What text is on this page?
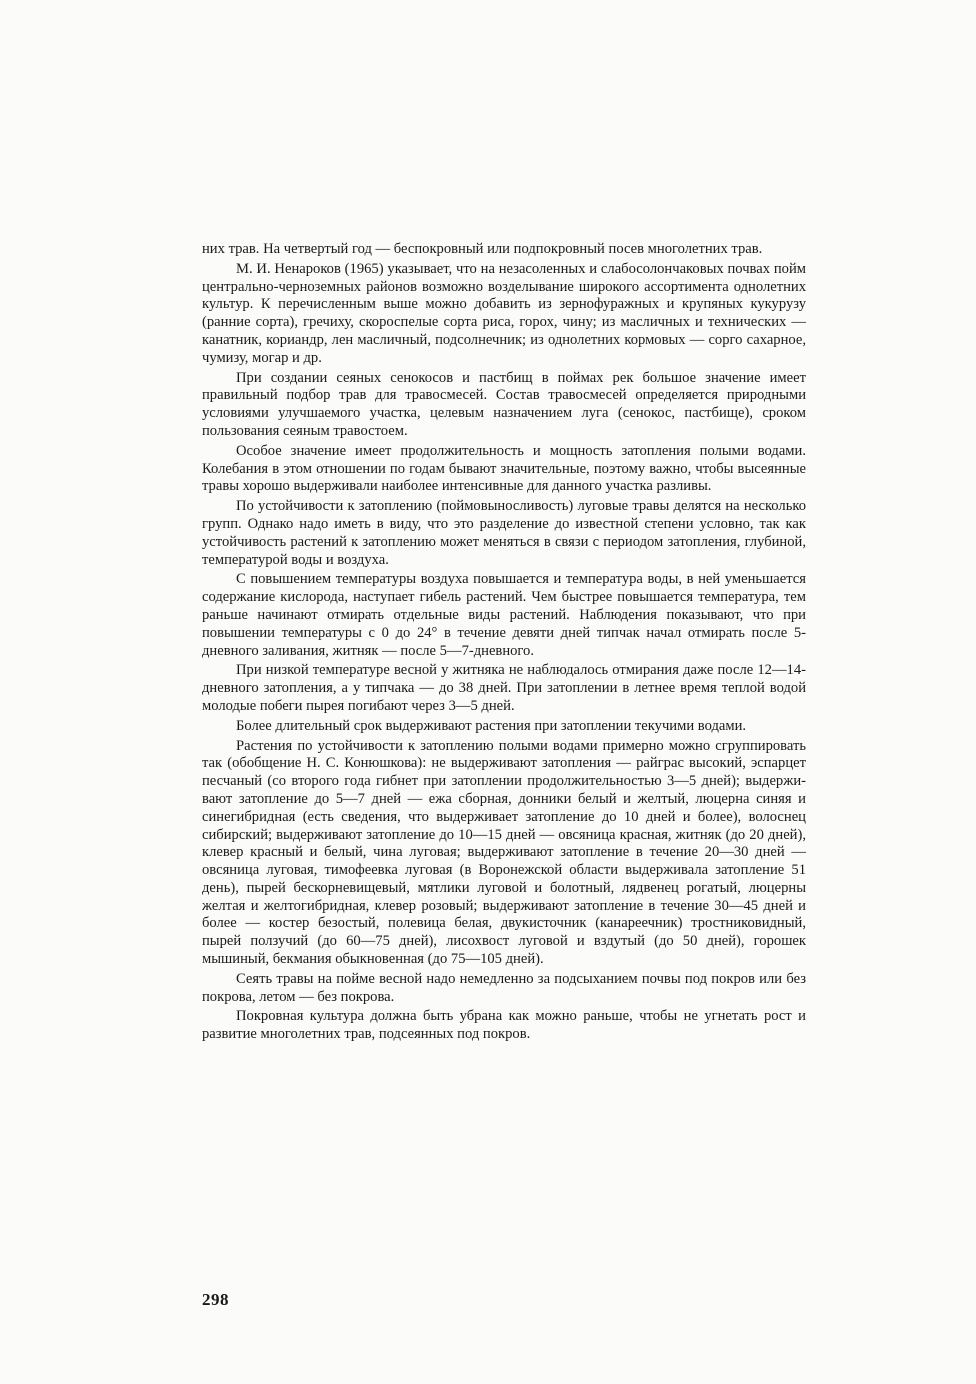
них трав. На четвертый год — беспокровный или подпокровный посев многолетних трав.

М. И. Ненароков (1965) указывает, что на незасоленных и слабосолончаковых почвах пойм центрально-черноземных районов возможно возделывание широкого ассортимента однолетних культур. К перечисленным выше можно добавить из зернофуражных и крупяных кукурузу (ранние сорта), гречиху, скороспелые сорта риса, горох, чину; из масличных и технических — канатник, кориандр, лен масличный, подсолнечник; из однолетних кормовых — сорго сахарное, чумизу, могар и др.

При создании сеяных сенокосов и пастбищ в поймах рек большое значение имеет правильный подбор трав для травосмесей. Состав травосмесей определяется природными условиями улучшаемого участка, целевым назначением луга (сенокос, пастбище), сроком пользования сеяным травостоем.

Особое значение имеет продолжительность и мощность затопления полыми водами. Колебания в этом отношении по годам бывают значительные, поэтому важно, чтобы высеянные травы хорошо выдерживали наиболее интенсивные для данного участка разливы.

По устойчивости к затоплению (поймовыносливость) луговые травы делятся на несколько групп. Однако надо иметь в виду, что это разделение до известной степени условно, так как устойчивость растений к затоплению может меняться в связи с периодом затопления, глубиной, температурой воды и воздуха.

С повышением температуры воздуха повышается и температура воды, в ней уменьшается содержание кислорода, наступает гибель растений. Чем быстрее повышается температура, тем раньше начинают отмирать отдельные виды растений. Наблюдения показывают, что при повышении температуры с 0 до 24° в течение девяти дней типчак начал отмирать после 5-дневного заливания, житняк — после 5—7-дневного.

При низкой температуре весной у житняка не наблюдалось отмирания даже после 12—14-дневного затопления, а у типчака — до 38 дней. При затоплении в летнее время теплой водой молодые побеги пырея погибают через 3—5 дней.

Более длительный срок выдерживают растения при затоплении текучими водами.

Растения по устойчивости к затоплению полыми водами примерно можно сгруппировать так (обобщение Н. С. Конюшкова): не выдерживают затопления — райграс высокий, эспарцет песчаный (со второго года гибнет при затоплении продолжительностью 3—5 дней); выдерживают затопление до 5—7 дней — ежа сборная, донники белый и желтый, люцерна синяя и синегибридная (есть сведения, что выдерживает затопление до 10 дней и более), волоснец сибирский; выдерживают затопление до 10—15 дней — овсяница красная, житняк (до 20 дней), клевер красный и белый, чина луговая; выдерживают затопление в течение 20—30 дней — овсяница луговая, тимофеевка луговая (в Воронежской области выдерживала затопление 51 день), пырей бескорневищевый, мятлики луговой и болотный, лядвенец рогатый, люцерны желтая и желтогибридная, клевер розовый; выдерживают затопление в течение 30—45 дней и более — костер безостый, полевица белая, двукисточник (канареечник) тростниковидный, пырей ползучий (до 60—75 дней), лисохвост луговой и вздутый (до 50 дней), горошек мышиный, бекмания обыкновенная (до 75—105 дней).

Сеять травы на пойме весной надо немедленно за подсыханием почвы под покров или без покрова, летом — без покрова.

Покровная культура должна быть убрана как можно раньше, чтобы не угнетать рост и развитие многолетних трав, подсеянных под покров.

298
